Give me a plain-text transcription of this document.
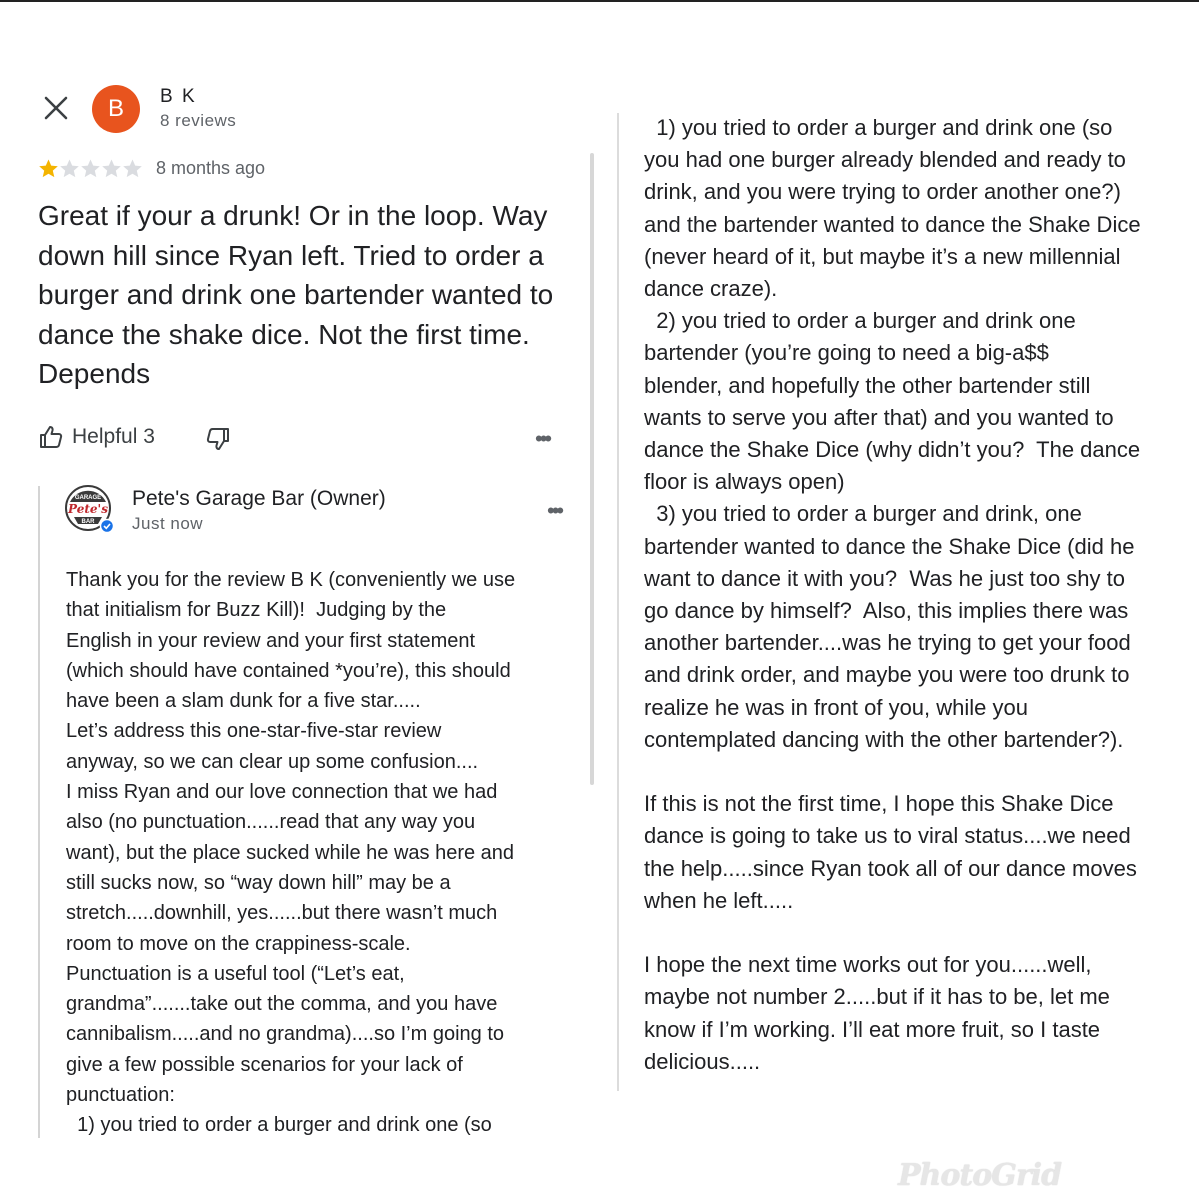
B B K
8 reviews
8 months ago
Great if your a drunk! Or in the loop. Way down hill since Ryan left. Tried to order a burger and drink one bartender wanted to dance the shake dice. Not the first time. Depends
Helpful 3	•••
GARAGE
Pete's
BAR
Pete's Garage Bar (Owner)
Just now
•••
Thank you for the review B K (conveniently we use
that initialism for Buzz Kill)!  Judging by the
English in your review and your first statement
(which should have contained *you’re), this should
have been a slam dunk for a five star.....
Let’s address this one-star-five-star review
anyway, so we can clear up some confusion....
I miss Ryan and our love connection that we had
also (no punctuation......read that any way you
want), but the place sucked while he was here and
still sucks now, so “way down hill” may be a
stretch.....downhill, yes......but there wasn’t much
room to move on the crappiness-scale.
Punctuation is a useful tool (“Let’s eat,
grandma”.......take out the comma, and you have
cannibalism.....and no grandma)....so I’m going to
give a few possible scenarios for your lack of
punctuation:
1) you tried to order a burger and drink one (so
1) you tried to order a burger and drink one (so
you had one burger already blended and ready to
drink, and you were trying to order another one?)
and the bartender wanted to dance the Shake Dice
(never heard of it, but maybe it’s a new millennial
dance craze).
2) you tried to order a burger and drink one
bartender (you’re going to need a big-a$$
blender, and hopefully the other bartender still
wants to serve you after that) and you wanted to
dance the Shake Dice (why didn’t you?  The dance
floor is always open)
3) you tried to order a burger and drink, one
bartender wanted to dance the Shake Dice (did he
want to dance it with you?  Was he just too shy to
go dance by himself?  Also, this implies there was
another bartender....was he trying to get your food
and drink order, and maybe you were too drunk to
realize he was in front of you, while you
contemplated dancing with the other bartender?).

If this is not the first time, I hope this Shake Dice
dance is going to take us to viral status....we need
the help.....since Ryan took all of our dance moves
when he left.....

I hope the next time works out for you......well,
maybe not number 2.....but if it has to be, let me
know if I’m working. I’ll eat more fruit, so I taste
delicious.....
PhotoGrid
